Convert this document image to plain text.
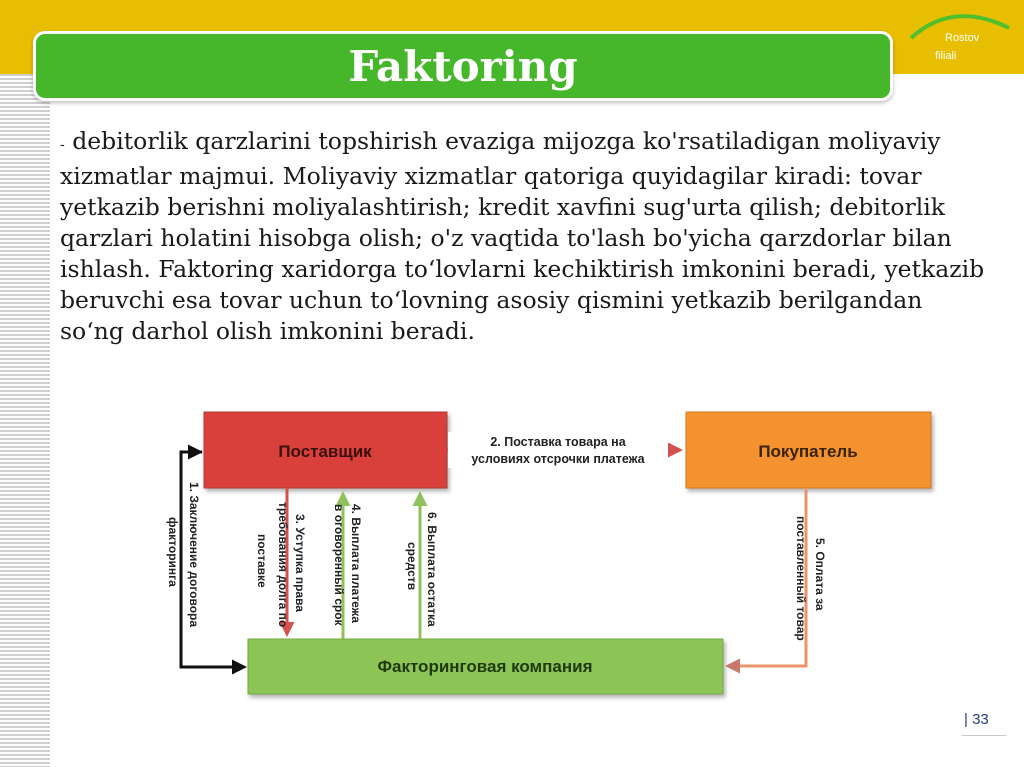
Faktoring
Rostov
filiali

- debitorlik qarzlarini topshirish evaziga mijozga ko'rsatiladigan moliyaviy xizmatlar majmui. Moliyaviy xizmatlar qatoriga quyidagilar kiradi: tovar yetkazib berishni moliyalashtirish; kredit xavfini sug'urta qilish; debitorlik qarzlari holatini hisobga olish; o'z vaqtida to'lash bo'yicha qarzdorlar bilan ishlash. Faktoring xaridorga to‘lovlarni kechiktirish imkonini beradi, yetkazib beruvchi esa tovar uchun to‘lovning asosiy qismini yetkazib berilgandan so‘ng darhol olish imkonini beradi.

Поставщик	Покупатель
Факторинговая компания
2. Поставка товара на
условиях отсрочки платежа
1. Заключение договора
факторинга	3. Уступка права
требования долга по
поставке	4. Выплата платежа
в оговоренный срок	6. Выплата остатка
средств	5. Оплата за
поставленный товар
| 33
